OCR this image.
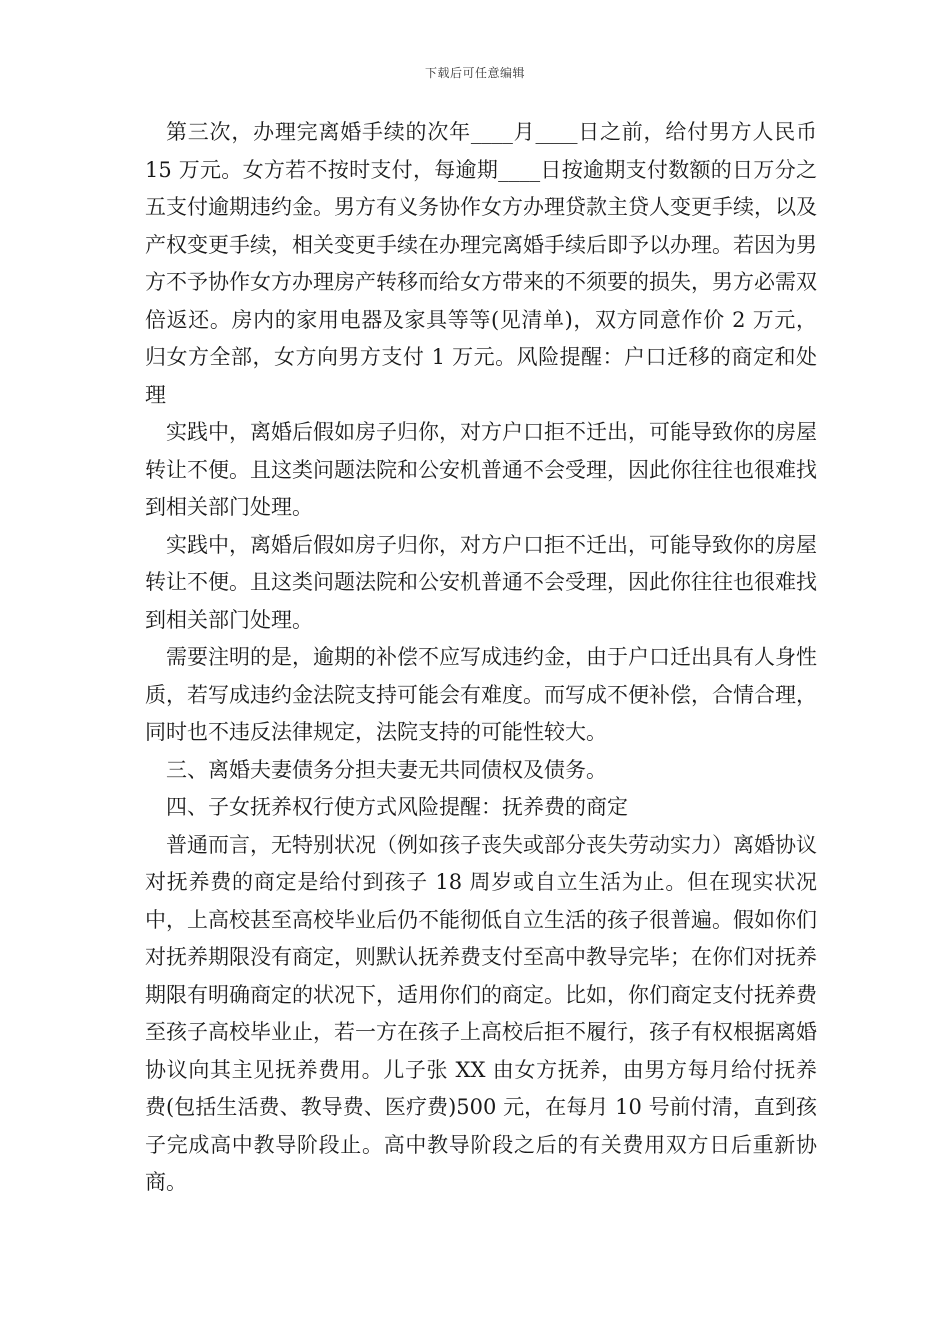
下载后可任意编辑

第三次，办理完离婚手续的次年____月____日之前，给付男方人民币 15 万元。女方若不按时支付，每逾期____日按逾期支付数额的日万分之五支付逾期违约金。男方有义务协作女方办理贷款主贷人变更手续，以及产权变更手续，相关变更手续在办理完离婚手续后即予以办理。若因为男方不予协作女方办理房产转移而给女方带来的不须要的损失，男方必需双倍返还。房内的家用电器及家具等等(见清单)，双方同意作价 2 万元，归女方全部，女方向男方支付 1 万元。风险提醒：户口迁移的商定和处理

实践中，离婚后假如房子归你，对方户口拒不迁出，可能导致你的房屋转让不便。且这类问题法院和公安机普通不会受理，因此你往往也很难找到相关部门处理。

实践中，离婚后假如房子归你，对方户口拒不迁出，可能导致你的房屋转让不便。且这类问题法院和公安机普通不会受理，因此你往往也很难找到相关部门处理。

需要注明的是，逾期的补偿不应写成违约金，由于户口迁出具有人身性质，若写成违约金法院支持可能会有难度。而写成不便补偿，合情合理，同时也不违反法律规定，法院支持的可能性较大。

三、离婚夫妻债务分担夫妻无共同债权及债务。

四、子女抚养权行使方式风险提醒：抚养费的商定

普通而言，无特别状况（例如孩子丧失或部分丧失劳动实力）离婚协议对抚养费的商定是给付到孩子 18 周岁或自立生活为止。但在现实状况中，上高校甚至高校毕业后仍不能彻低自立生活的孩子很普遍。假如你们对抚养期限没有商定，则默认抚养费支付至高中教导完毕；在你们对抚养期限有明确商定的状况下，适用你们的商定。比如，你们商定支付抚养费至孩子高校毕业止，若一方在孩子上高校后拒不履行，孩子有权根据离婚协议向其主见抚养费用。儿子张 XX 由女方抚养，由男方每月给付抚养费(包括生活费、教导费、医疗费)500 元，在每月 10 号前付清，直到孩子完成高中教导阶段止。高中教导阶段之后的有关费用双方日后重新协商。
